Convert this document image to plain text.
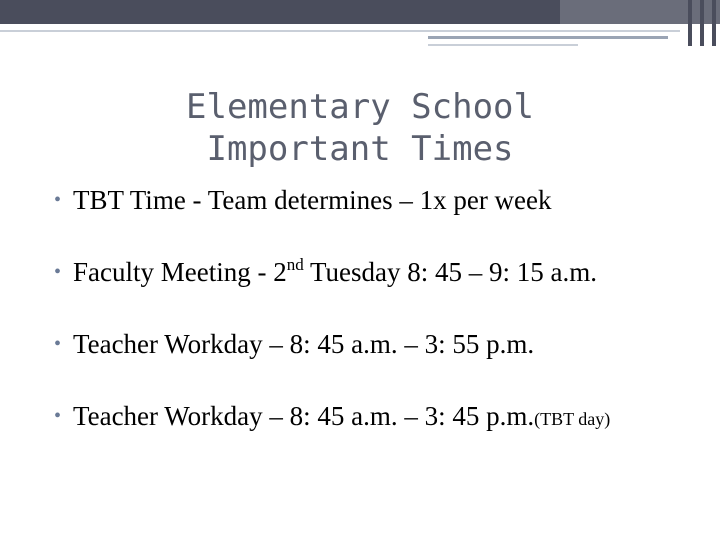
Elementary School
Important Times
• TBT Time - Team determines – 1x per week
• Faculty Meeting - 2nd Tuesday 8: 45 – 9: 15 a.m.
• Teacher Workday – 8: 45 a.m. – 3: 55 p.m.
• Teacher Workday – 8: 45 a.m. – 3: 45 p.m.(TBT day)
